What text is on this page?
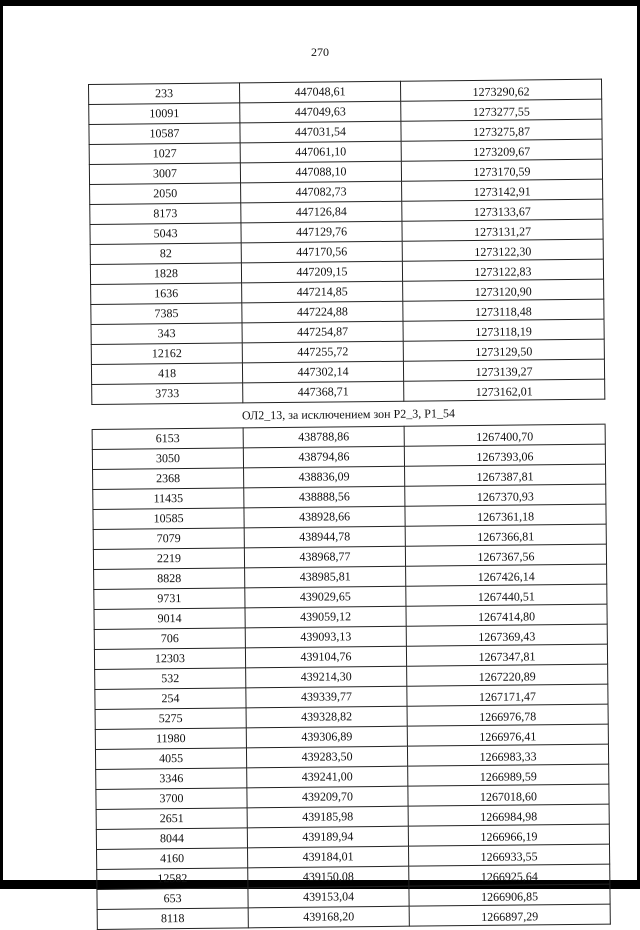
270
233	447048,61	1273290,62
10091	447049,63	1273277,55
10587	447031,54	1273275,87
1027	447061,10	1273209,67
3007	447088,10	1273170,59
2050	447082,73	1273142,91
8173	447126,84	1273133,67
5043	447129,76	1273131,27
82	447170,56	1273122,30
1828	447209,15	1273122,83
1636	447214,85	1273120,90
7385	447224,88	1273118,48
343	447254,87	1273118,19
12162	447255,72	1273129,50
418	447302,14	1273139,27
3733	447368,71	1273162,01
ОЛ2_13, за исключением зон Р2_3, Р1_54		
6153	438788,86	1267400,70
3050	438794,86	1267393,06
2368	438836,09	1267387,81
11435	438888,56	1267370,93
10585	438928,66	1267361,18
7079	438944,78	1267366,81
2219	438968,77	1267367,56
8828	438985,81	1267426,14
9731	439029,65	1267440,51
9014	439059,12	1267414,80
706	439093,13	1267369,43
12303	439104,76	1267347,81
532	439214,30	1267220,89
254	439339,77	1267171,47
5275	439328,82	1266976,78
11980	439306,89	1266976,41
4055	439283,50	1266983,33
3346	439241,00	1266989,59
3700	439209,70	1267018,60
2651	439185,98	1266984,98
8044	439189,94	1266966,19
4160	439184,01	1266933,55
12582	439150,08	1266925,64
653	439153,04	1266906,85
8118	439168,20	1266897,29
